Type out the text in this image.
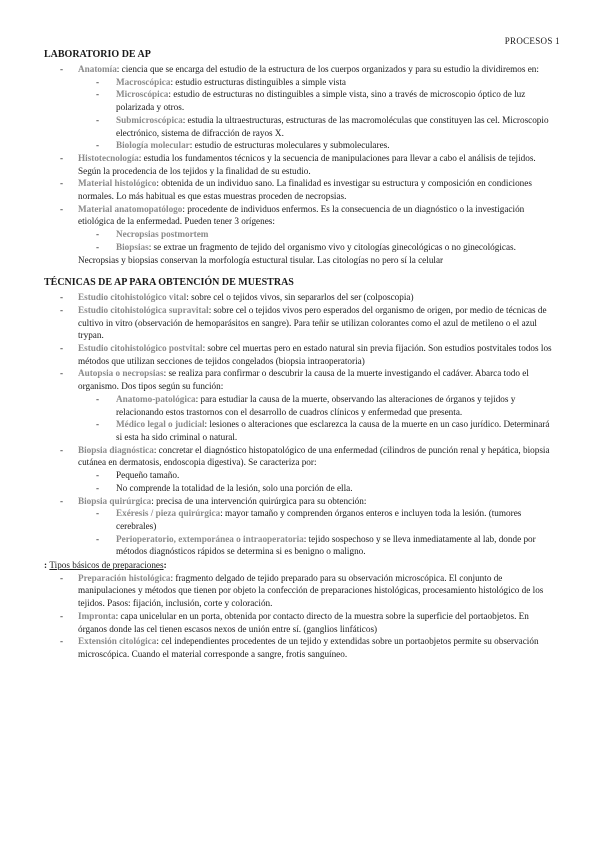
PROCESOS 1
LABORATORIO DE AP
- Anatomía: ciencia que se encarga del estudio de la estructura de los cuerpos organizados y para su estudio la dividiremos en:
- Macroscópica: estudio estructuras distinguibles a simple vista
- Microscópica: estudio de estructuras no distinguibles a simple vista, sino a través de microscopio óptico de luz polarizada y otros.
- Submicroscópica: estudia la ultraestructuras, estructuras de las macromoléculas que constituyen las cel. Microscopio electrónico, sistema de difracción de rayos X.
- Biología molecular: estudio de estructuras moleculares y submoleculares.
- Histotecnología: estudia los fundamentos técnicos y la secuencia de manipulaciones para llevar a cabo el análisis de tejidos. Según la procedencia de los tejidos y la finalidad de su estudio.
- Material histológico: obtenida de un individuo sano. La finalidad es investigar su estructura y composición en condiciones normales. Lo más habitual es que estas muestras proceden de necropsias.
- Material anatomopatólogo: procedente de individuos enfermos. Es la consecuencia de un diagnóstico o la investigación etiológica de la enfermedad. Pueden tener 3 orígenes:
- Necropsias postmortem
- Biopsias: se extrae un fragmento de tejido del organismo vivo y citologías ginecológicas o no ginecológicas.
Necropsias y biopsias conservan la morfología estuctural tisular. Las citologías no pero sí la celular
TÉCNICAS DE AP PARA OBTENCIÓN DE MUESTRAS
- Estudio citohistológico vital: sobre cel o tejidos vivos, sin separarlos del ser (colposcopia)
- Estudio citohistológica supravital: sobre cel o tejidos vivos pero esperados del organismo de origen, por medio de técnicas de cultivo in vitro (observación de hemoparásitos en sangre). Para teñir se utilizan colorantes como el azul de metileno o el azul trypan.
- Estudio citohistológico postvital: sobre cel muertas pero en estado natural sin previa fijación. Son estudios postvitales todos los métodos que utilizan secciones de tejidos congelados (biopsia intraoperatoria)
- Autopsia o necropsias: se realiza para confirmar o descubrir la causa de la muerte investigando el cadáver. Abarca todo el organismo. Dos tipos según su función:
- Anatomo-patológica: para estudiar la causa de la muerte, observando las alteraciones de órganos y tejidos y relacionando estos trastornos con el desarrollo de cuadros clínicos y enfermedad que presenta.
- Médico legal o judicial: lesiones o alteraciones que esclarezca la causa de la muerte en un caso jurídico. Determinará si esta ha sido criminal o natural.
- Biopsia diagnóstica: concretar el diagnóstico histopatológico de una enfermedad (cilindros de punción renal y hepática, biopsia cutánea en dermatosis, endoscopia digestiva). Se caracteriza por:
- Pequeño tamaño.
- No comprende la totalidad de la lesión, solo una porción de ella.
- Biopsia quirúrgica: precisa de una intervención quirúrgica para su obtención:
- Exéresis / pieza quirúrgica: mayor tamaño y comprenden órganos enteros e incluyen toda la lesión. (tumores cerebrales)
- Perioperatorio, extemporánea o intraoperatoria: tejido sospechoso y se lleva inmediatamente al lab, donde por métodos diagnósticos rápidos se determina si es benigno o maligno.
: Tipos básicos de preparaciones:
- Preparación histológica: fragmento delgado de tejido preparado para su observación microscópica. El conjunto de manipulaciones y métodos que tienen por objeto la confección de preparaciones histológicas, procesamiento histológico de los tejidos. Pasos: fijación, inclusión, corte y coloración.
- Impronta: capa unicelular en un porta, obtenida por contacto directo de la muestra sobre la superficie del portaobjetos. En órganos donde las cel tienen escasos nexos de unión entre sí. (ganglios linfáticos)
- Extensión citológica: cel independientes procedentes de un tejido y extendidas sobre un portaobjetos permite su observación microscópica. Cuando el material corresponde a sangre, frotis sanguíneo.
